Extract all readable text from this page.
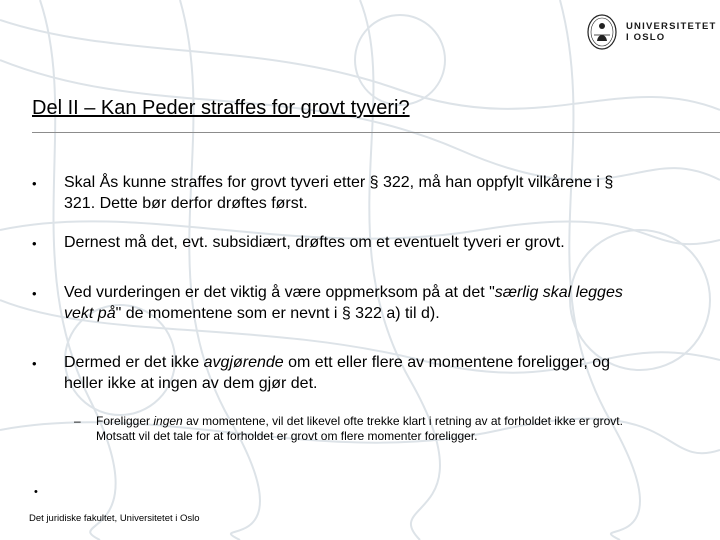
UNIVERSITETET
I OSLO
Del II – Kan Peder straffes for grovt tyveri?
• Skal Ås kunne straffes for grovt tyveri etter § 322, må han oppfylt vilkårene i § 321. Dette bør derfor drøftes først.
• Dernest må det, evt. subsidiært, drøftes om et eventuelt tyveri er grovt.
• Ved vurderingen er det viktig å være oppmerksom på at det "særlig skal legges vekt på" de momentene som er nevnt i § 322 a) til d).
• Dermed er det ikke avgjørende om ett eller flere av momentene foreligger, og heller ikke at ingen av dem gjør det.
– Foreligger ingen av momentene, vil det likevel ofte trekke klart i retning av at forholdet ikke er grovt. Motsatt vil det tale for at forholdet er grovt om flere momenter foreligger.
•
Det juridiske fakultet, Universitetet i Oslo
